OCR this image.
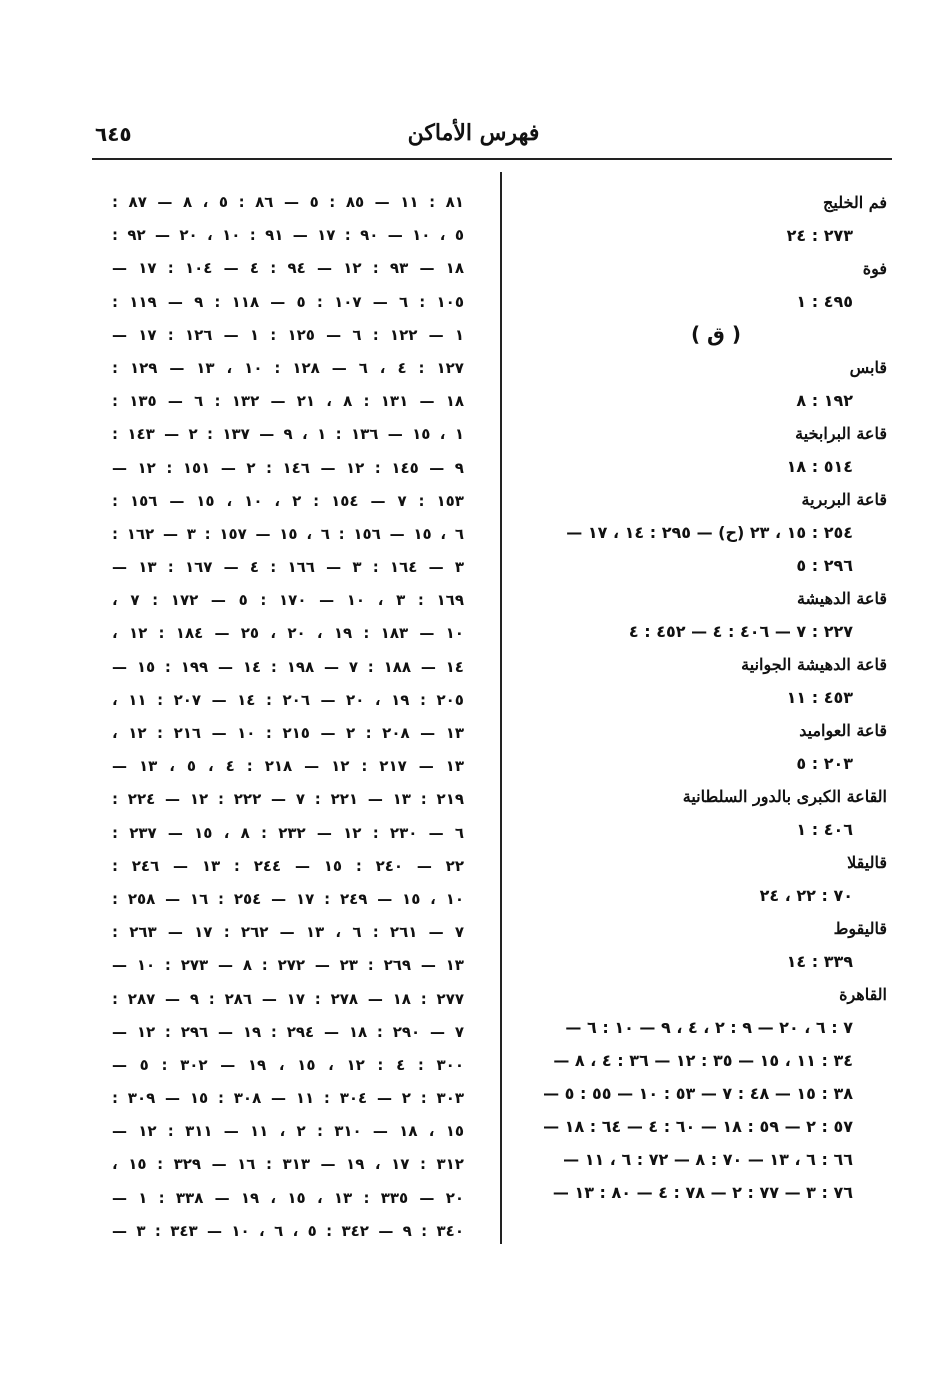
فهرس الأماكن
٦٤٥
فم الخليج
٢٧٣ : ٢٤
فوة
٤٩٥ : ١
( ق )
قابس
١٩٢ : ٨
قاعة البرابخية
٥١٤ : ١٨
قاعة البربرية
٢٥٤ : ١٥ ، ٢٣ (ح) — ٢٩٥ : ١٤ ، ١٧ —
٢٩٦ : ٥
قاعة الدهيشة
٢٢٧ : ٧ — ٤٠٦ : ٤ — ٤٥٢ : ٤
قاعة الدهيشة الجوانية
٤٥٣ : ١١
قاعة العواميد
٢٠٣ : ٥
القاعة الكبرى بالدور السلطانية
٤٠٦ : ١
قاليقلا
٧٠ : ٢٢ ، ٢٤
قاليقوط
٣٣٩ : ١٤
القاهرة
٧ : ٦ ، ٢٠ — ٩ : ٢ ، ٤ ، ٩ — ١٠ : ٦ —
٣٤ : ١١ ، ١٥ — ٣٥ : ١٢ — ٣٦ : ٤ ، ٨ —
٣٨ : ١٥ — ٤٨ : ٧ — ٥٣ : ١٠ — ٥٥ : ٥ —
٥٧ : ٢ — ٥٩ : ١٨ — ٦٠ : ٤ — ٦٤ : ١٨ —
٦٦ : ٦ ، ١٣ — ٧٠ : ٨ — ٧٢ : ٦ ، ١١ —
٧٦ : ٣ — ٧٧ : ٢ — ٧٨ : ٤ — ٨٠ : ١٣ —
٨١ : ١١ — ٨٥ : ٥ — ٨٦ : ٥ ، ٨ — ٨٧ :
٥ ، ١٠ — ٩٠ : ١٧ — ٩١ : ١٠ ، ٢٠ — ٩٢ :
١٨ — ٩٣ : ١٢ — ٩٤ : ٤ — ١٠٤ : ١٧ —
١٠٥ : ٦ — ١٠٧ : ٥ — ١١٨ : ٩ — ١١٩ :
١ — ١٢٢ : ٦ — ١٢٥ : ١ — ١٢٦ : ١٧ —
١٢٧ : ٤ ، ٦ — ١٢٨ : ١٠ ، ١٣ — ١٢٩ :
١٨ — ١٣١ : ٨ ، ٢١ — ١٣٢ : ٦ — ١٣٥ :
١ ، ١٥ — ١٣٦ : ١ ، ٩ — ١٣٧ : ٢ — ١٤٣ :
٩ — ١٤٥ : ١٢ — ١٤٦ : ٢ — ١٥١ : ١٢ —
١٥٣ : ٧ — ١٥٤ : ٢ ، ١٠ ، ١٥ — ١٥٦ :
٦ ، ١٥ — ١٥٦ : ٦ ، ١٥ — ١٥٧ : ٣ — ١٦٢ :
٣ — ١٦٤ : ٣ — ١٦٦ : ٤ — ١٦٧ : ١٣ —
١٦٩ : ٣ ، ١٠ — ١٧٠ : ٥ — ١٧٢ : ٧ ،
١٠ — ١٨٣ : ١٩ ، ٢٠ ، ٢٥ — ١٨٤ : ١٢ ،
١٤ — ١٨٨ : ٧ — ١٩٨ : ١٤ — ١٩٩ : ١٥ —
٢٠٥ : ١٩ ، ٢٠ — ٢٠٦ : ١٤ — ٢٠٧ : ١١ ،
١٣ — ٢٠٨ : ٢ — ٢١٥ : ١٠ — ٢١٦ : ١٢ ،
١٣ — ٢١٧ : ١٢ — ٢١٨ : ٤ ، ٥ ، ١٣ —
٢١٩ : ١٣ — ٢٢١ : ٧ — ٢٢٢ : ١٢ — ٢٢٤ :
٦ — ٢٣٠ : ١٢ — ٢٣٢ : ٨ ، ١٥ — ٢٣٧ :
٢٢ — ٢٤٠ : ١٥ — ٢٤٤ : ١٣ — ٢٤٦ :
١٠ ، ١٥ — ٢٤٩ : ١٧ — ٢٥٤ : ١٦ — ٢٥٨ :
٧ — ٢٦١ : ٦ ، ١٣ — ٢٦٢ : ١٧ — ٢٦٣ :
١٣ — ٢٦٩ : ٢٣ — ٢٧٢ : ٨ — ٢٧٣ : ١٠ —
٢٧٧ : ١٨ — ٢٧٨ : ١٧ — ٢٨٦ : ٩ — ٢٨٧ :
٧ — ٢٩٠ : ١٨ — ٢٩٤ : ١٩ — ٢٩٦ : ١٢ —
٣٠٠ : ٤ : ١٢ ، ١٥ ، ١٩ — ٣٠٢ : ٥ —
٣٠٣ : ٢ — ٣٠٤ : ١١ — ٣٠٨ : ١٥ — ٣٠٩ :
١٥ ، ١٨ — ٣١٠ : ٢ ، ١١ — ٣١١ : ١٢ —
٣١٢ : ١٧ ، ١٩ — ٣١٣ : ١٦ — ٣٢٩ : ١٥ ،
٢٠ — ٣٣٥ : ١٣ ، ١٥ ، ١٩ — ٣٣٨ : ١ —
٣٤٠ : ٩ — ٣٤٢ : ٥ ، ٦ ، ١٠ — ٣٤٣ : ٣ —
